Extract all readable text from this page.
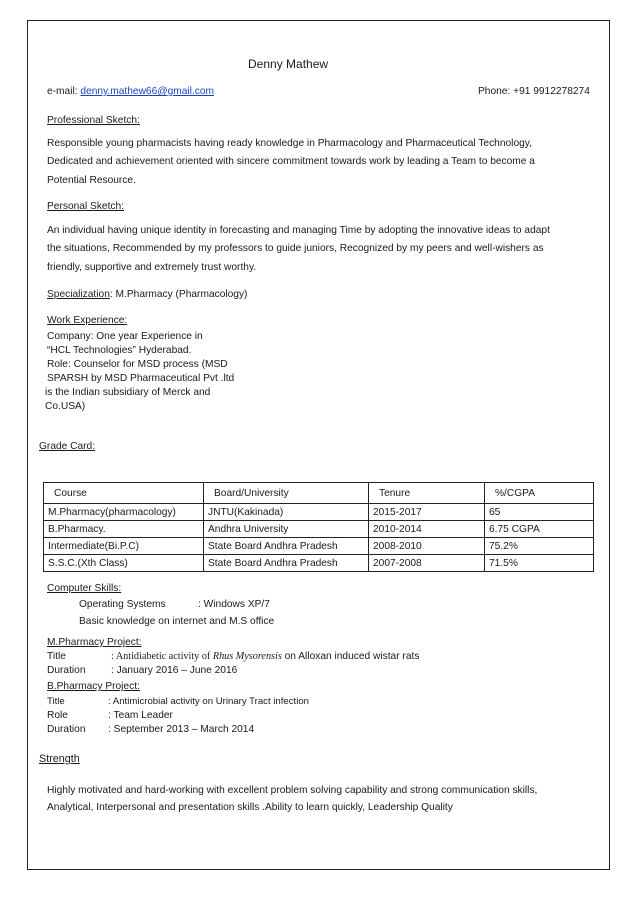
Denny Mathew
e-mail: denny.mathew66@gmail.com	Phone: +91 9912278274
Professional Sketch:
Responsible young pharmacists having ready knowledge in Pharmacology and Pharmaceutical Technology,
Dedicated and achievement oriented with sincere commitment towards work by leading a Team to become a
Potential Resource.
Personal Sketch:
An individual having unique identity in forecasting and managing Time by adopting the innovative ideas to adapt
the situations, Recommended by my professors to guide juniors, Recognized by my peers and well-wishers as
friendly, supportive and extremely trust worthy.
Specialization: M.Pharmacy (Pharmacology)
Work Experience:
Company: One year Experience in
“HCL Technologies” Hyderabad.
Role: Counselor for MSD process (MSD
SPARSH by MSD Pharmaceutical Pvt .ltd
is the Indian subsidiary of Merck and
Co.USA)
Grade Card:
Course	Board/University	Tenure	%/CGPA
M.Pharmacy(pharmacology)	JNTU(Kakinada)	2015-2017	65
B.Pharmacy.	Andhra University	2010-2014	6.75 CGPA
Intermediate(Bi.P.C)	State Board Andhra Pradesh	2008-2010	75.2%
S.S.C.(Xth Class)	State Board Andhra Pradesh	2007-2008	71.5%
Computer Skills:
Operating Systems	: Windows XP/7
Basic knowledge on internet and M.S office
M.Pharmacy Project:
Title	: Antidiabetic activity of Rhus Mysorensis on Alloxan induced wistar rats
Duration : January 2016 – June 2016
B.Pharmacy Project:
Title	: Antimicrobial activity on Urinary Tract infection
Role	: Team Leader
Duration : September 2013 – March 2014
Strength
Highly motivated and hard-working with excellent problem solving capability and strong communication skills,
Analytical, Interpersonal and presentation skills .Ability to learn quickly, Leadership Quality
